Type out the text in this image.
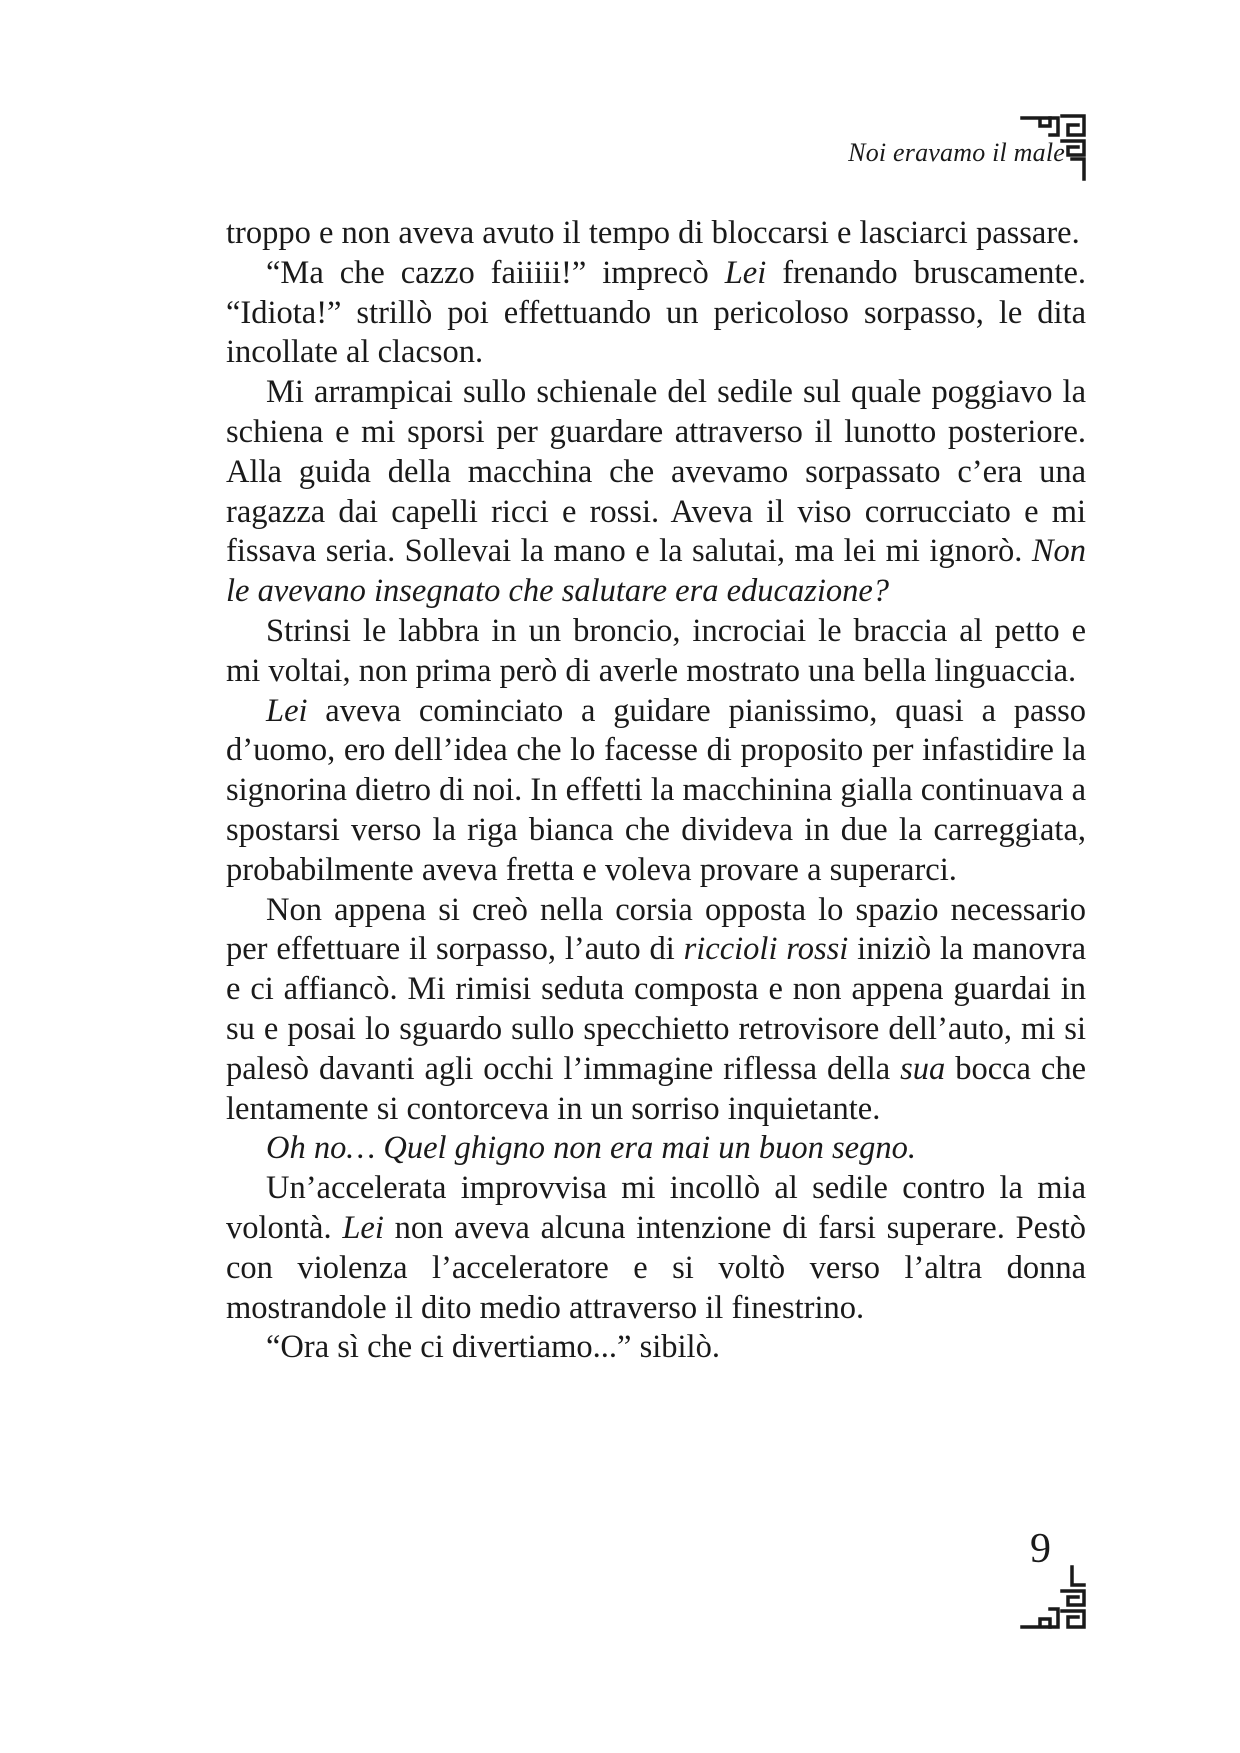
Noi eravamo il male

troppo e non aveva avuto il tempo di bloccarsi e lasciarci passare.

“Ma che cazzo faiiiii!” imprecò Lei frenando bruscamente. “Idiota!” strillò poi effettuando un pericoloso sorpasso, le dita incollate al clacson.

Mi arrampicai sullo schienale del sedile sul quale poggiavo la schiena e mi sporsi per guardare attraverso il lunotto posteriore. Alla guida della macchina che avevamo sorpassato c’era una ragazza dai capelli ricci e rossi. Aveva il viso corrucciato e mi fissava seria. Sollevai la mano e la salutai, ma lei mi ignorò. Non le avevano insegnato che salutare era educazione?

Strinsi le labbra in un broncio, incrociai le braccia al petto e mi voltai, non prima però di averle mostrato una bella linguaccia.

Lei aveva cominciato a guidare pianissimo, quasi a passo d’uomo, ero dell’idea che lo facesse di proposito per infastidire la signorina dietro di noi. In effetti la macchinina gialla continuava a spostarsi verso la riga bianca che divideva in due la carreggiata, probabilmente aveva fretta e voleva provare a superarci.

Non appena si creò nella corsia opposta lo spazio necessario per effettuare il sorpasso, l’auto di riccioli rossi iniziò la manovra e ci affiancò. Mi rimisi seduta composta e non appena guardai in su e posai lo sguardo sullo specchietto retrovisore dell’auto, mi si palesò davanti agli occhi l’immagine riflessa della sua bocca che lentamente si contorceva in un sorriso inquietante.

Oh no… Quel ghigno non era mai un buon segno.

Un’accelerata improvvisa mi incollò al sedile contro la mia volontà. Lei non aveva alcuna intenzione di farsi superare. Pestò con violenza l’acceleratore e si voltò verso l’altra donna mostrandole il dito medio attraverso il finestrino.

“Ora sì che ci divertiamo...” sibilò.

9
